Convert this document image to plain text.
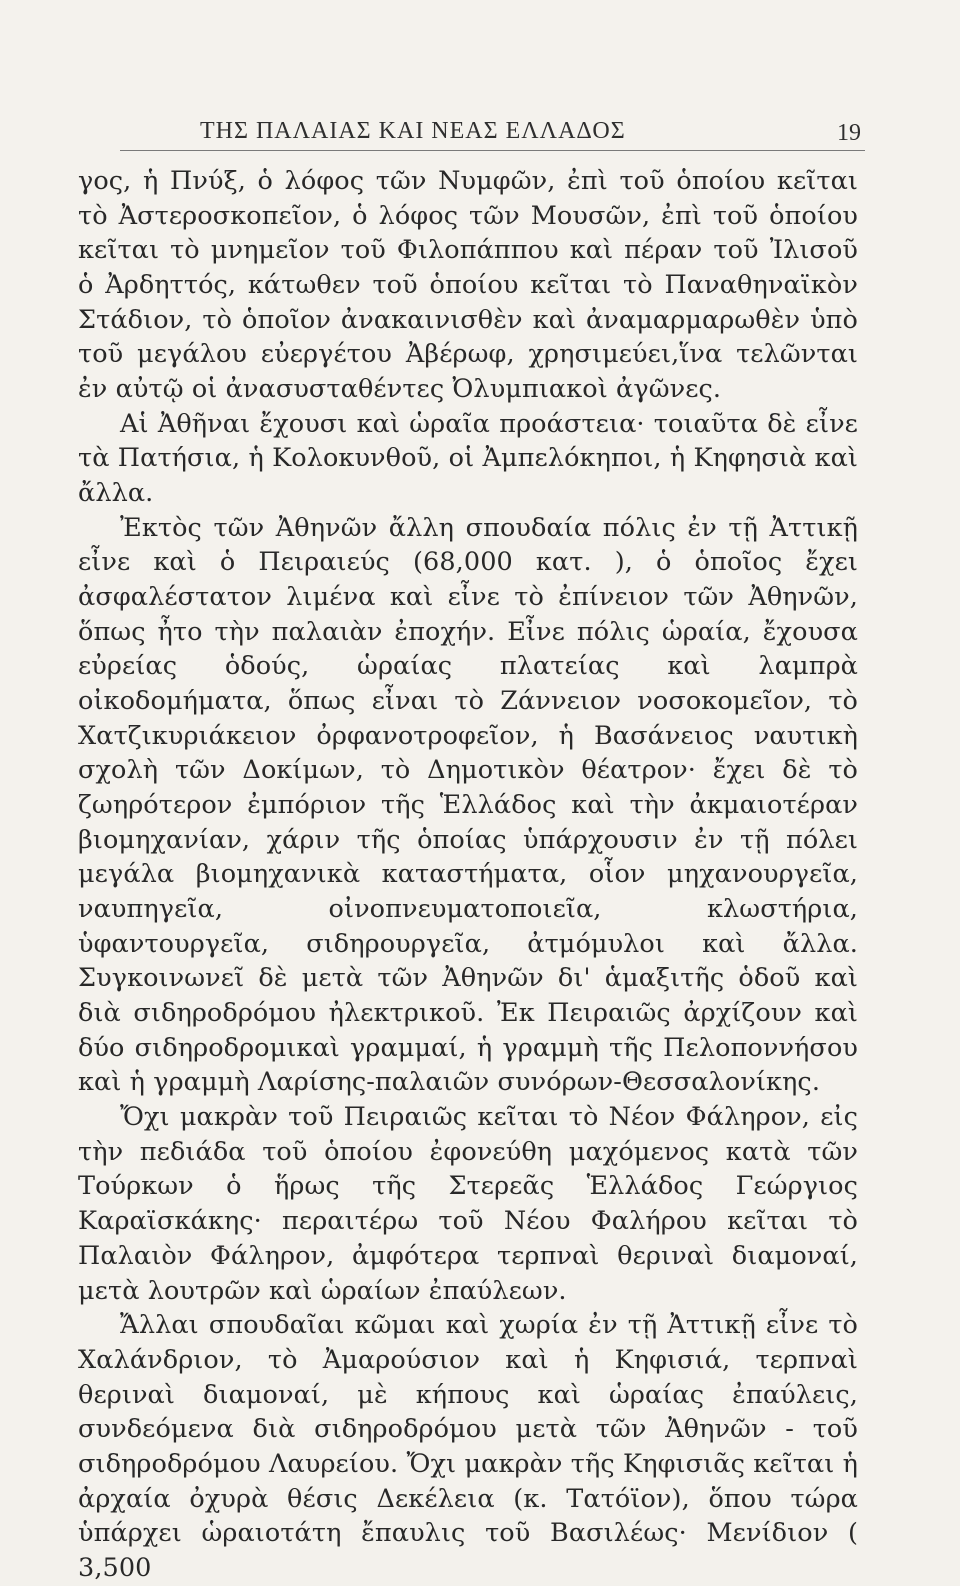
ΤΗΣ ΠΑΛΑΙΑΣ ΚΑΙ ΝΕΑΣ ΕΛΛΑΔΟΣ	19

γος, ἡ Πνύξ, ὁ λόφος τῶν Νυμφῶν, ἐπὶ τοῦ ὁποίου κεῖται τὸ Ἀστεροσκοπεῖον, ὁ λόφος τῶν Μουσῶν, ἐπὶ τοῦ ὁποίου κεῖται τὸ μνημεῖον τοῦ Φιλοπάππου καὶ πέραν τοῦ Ἰλισοῦ ὁ Ἀρδηττός, κάτωθεν τοῦ ὁποίου κεῖται τὸ Παναθηναϊκὸν Στάδιον, τὸ ὁποῖον ἀνακαινισθὲν καὶ ἀναμαρμαρωθὲν ὑπὸ τοῦ μεγάλου εὐεργέτου Ἀβέρωφ, χρησιμεύει,ἵνα τελῶνται ἐν αὐτῷ οἱ ἀνασυσταθέντες Ὀλυμπιακοὶ ἀγῶνες.

Αἱ Ἀθῆναι ἔχουσι καὶ ὡραῖα προάστεια· τοιαῦτα δὲ εἶνε τὰ Πατήσια, ἡ Κολοκυνθοῦ, οἱ Ἀμπελόκηποι, ἡ Κηφησιὰ καὶ ἄλλα.

Ἐκτὸς τῶν Ἀθηνῶν ἄλλη σπουδαία πόλις ἐν τῇ Ἀττικῇ εἶνε καὶ ὁ Πειραιεύς (68,000 κατ. ), ὁ ὁποῖος ἔχει ἀσφαλέστατον λιμένα καὶ εἶνε τὸ ἐπίνειον τῶν Ἀθηνῶν, ὅπως ἦτο τὴν παλαιὰν ἐποχήν. Εἶνε πόλις ὡραία, ἔχουσα εὐρείας ὁδούς, ὡραίας πλατείας καὶ λαμπρὰ οἰκοδομήματα, ὅπως εἶναι τὸ Ζάννειον νοσοκομεῖον, τὸ Χατζικυριάκειον ὀρφανοτροφεῖον, ἡ Βασάνειος ναυτικὴ σχολὴ τῶν Δοκίμων, τὸ Δημοτικὸν θέατρον· ἔχει δὲ τὸ ζωηρότερον ἐμπόριον τῆς Ἑλλάδος καὶ τὴν ἀκμαιοτέραν βιομηχανίαν, χάριν τῆς ὁποίας ὑπάρχουσιν ἐν τῇ πόλει μεγάλα βιομηχανικὰ καταστήματα, οἷον μηχανουργεῖα, ναυπηγεῖα, οἰνοπνευματοποιεῖα, κλωστήρια, ὑφαντουργεῖα, σιδηρουργεῖα, ἀτμόμυλοι καὶ ἄλλα. Συγκοινωνεῖ δὲ μετὰ τῶν Ἀθηνῶν δι' ἁμαξιτῆς ὁδοῦ καὶ διὰ σιδηροδρόμου ἠλεκτρικοῦ. Ἐκ Πειραιῶς ἀρχίζουν καὶ δύο σιδηροδρομικαὶ γραμμαί, ἡ γραμμὴ τῆς Πελοποννήσου καὶ ἡ γραμμὴ Λαρίσης-παλαιῶν συνόρων-Θεσσαλονίκης.

Ὄχι μακρὰν τοῦ Πειραιῶς κεῖται τὸ Νέον Φάληρον, εἰς τὴν πεδιάδα τοῦ ὁποίου ἐφονεύθη μαχόμενος κατὰ τῶν Τούρκων ὁ ἥρως τῆς Στερεᾶς Ἑλλάδος Γεώργιος Καραϊσκάκης· περαιτέρω τοῦ Νέου Φαλήρου κεῖται τὸ Παλαιὸν Φάληρον, ἀμφότερα τερπναὶ θεριναὶ διαμοναί, μετὰ λουτρῶν καὶ ὡραίων ἐπαύλεων.

Ἄλλαι σπουδαῖαι κῶμαι καὶ χωρία ἐν τῇ Ἀττικῇ εἶνε τὸ Χαλάνδριον, τὸ Ἀμαρούσιον καὶ ἡ Κηφισιά, τερπναὶ θεριναὶ διαμοναί, μὲ κήπους καὶ ὡραίας ἐπαύλεις, συνδεόμενα διὰ σιδηροδρόμου μετὰ τῶν Ἀθηνῶν - τοῦ σιδηροδρόμου Λαυρείου. Ὄχι μακρὰν τῆς Κηφισιᾶς κεῖται ἡ ἀρχαία ὀχυρὰ θέσις Δεκέλεια (κ. Τατόϊον), ὅπου τώρα ὑπάρχει ὡραιοτάτη ἔπαυλις τοῦ Βασιλέως· Μενίδιον ( 3,500
